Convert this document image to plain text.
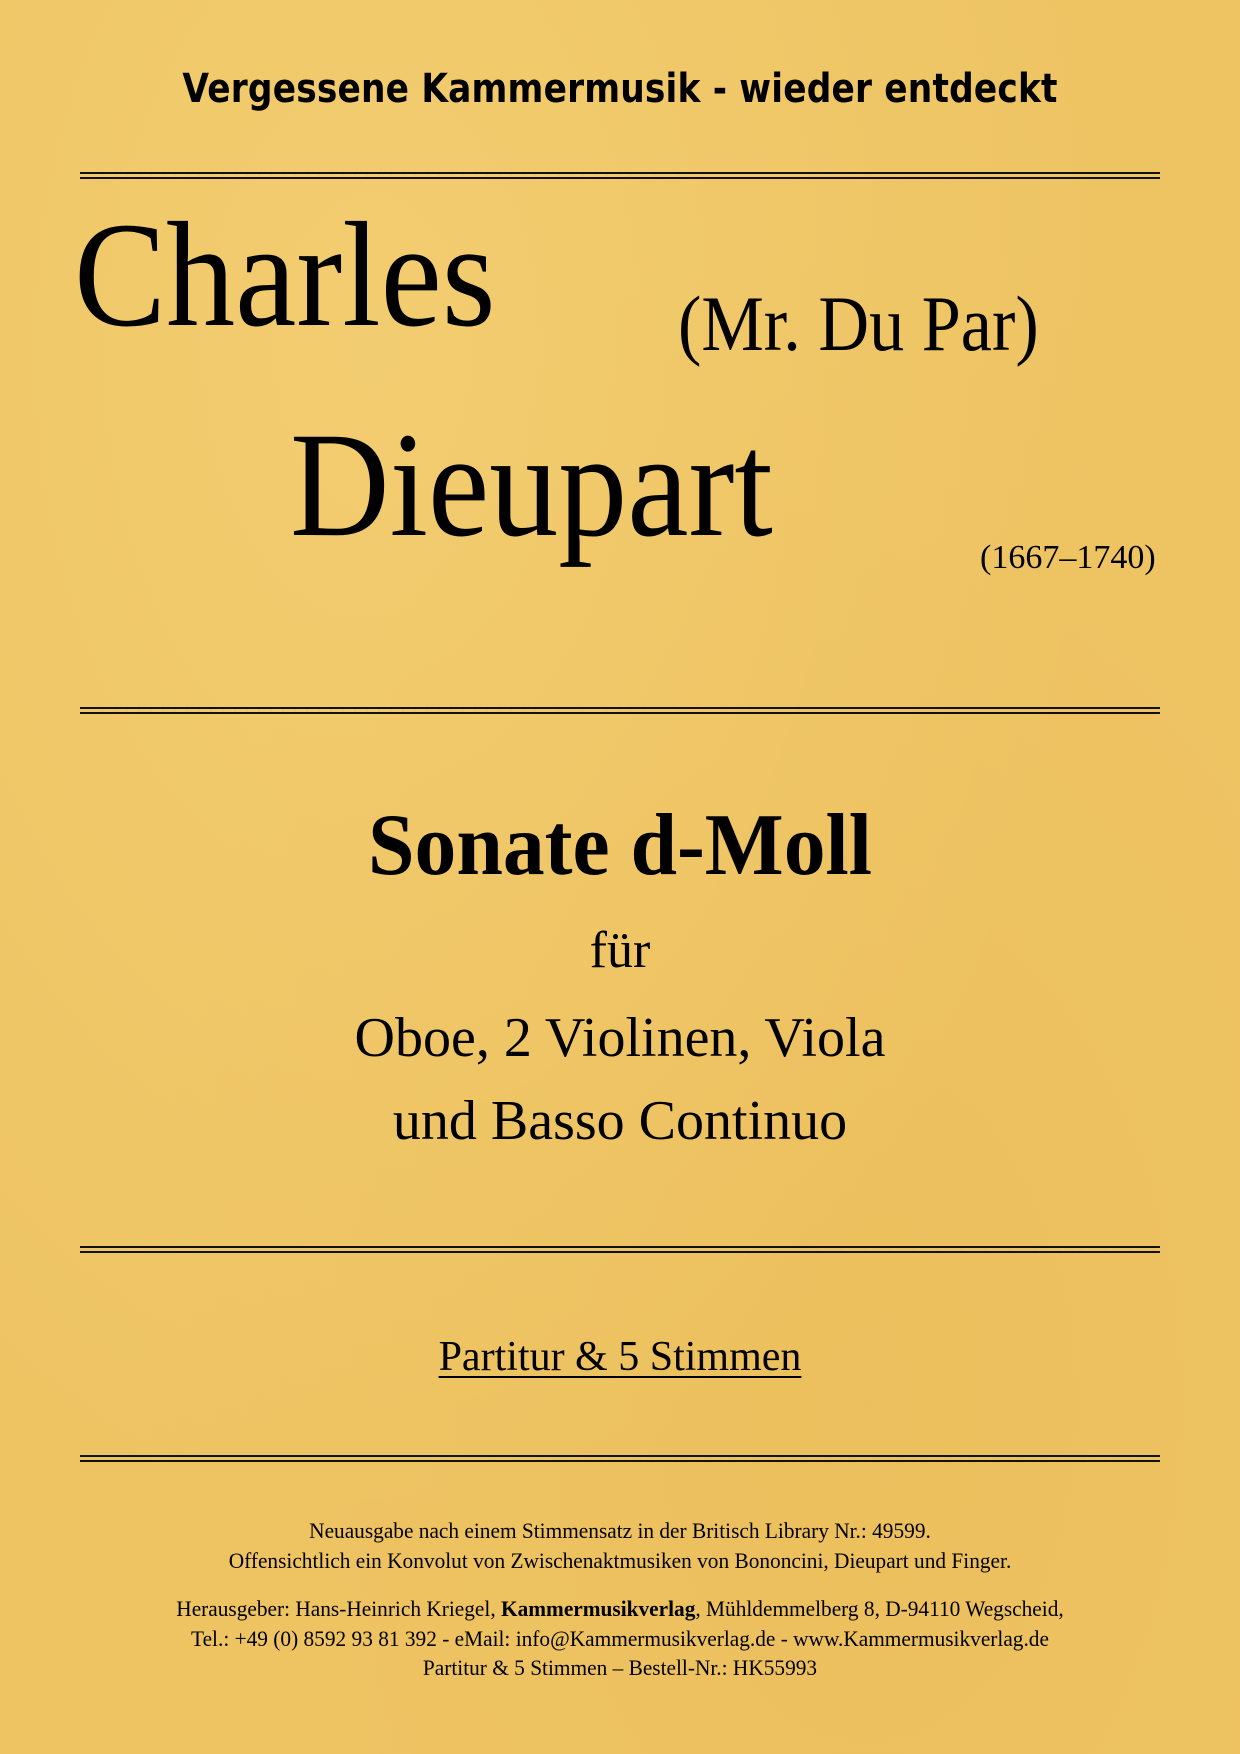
Vergessene Kammermusik - wieder entdeckt
Charles (Mr. Du Par)
Dieupart	(1667–1740)
Sonate d-Moll
für
Oboe, 2 Violinen, Viola
und Basso Continuo
Partitur & 5 Stimmen
Neuausgabe nach einem Stimmensatz in der Britisch Library Nr.: 49599.
Offensichtlich ein Konvolut von Zwischenaktmusiken von Bononcini, Dieupart und Finger.
Herausgeber: Hans-Heinrich Kriegel, Kammermusikverlag, Mühldemmelberg 8, D-94110 Wegscheid,
Tel.: +49 (0) 8592 93 81 392 - eMail: info@Kammermusikverlag.de - www.Kammermusikverlag.de
Partitur & 5 Stimmen – Bestell-Nr.: HK55993
